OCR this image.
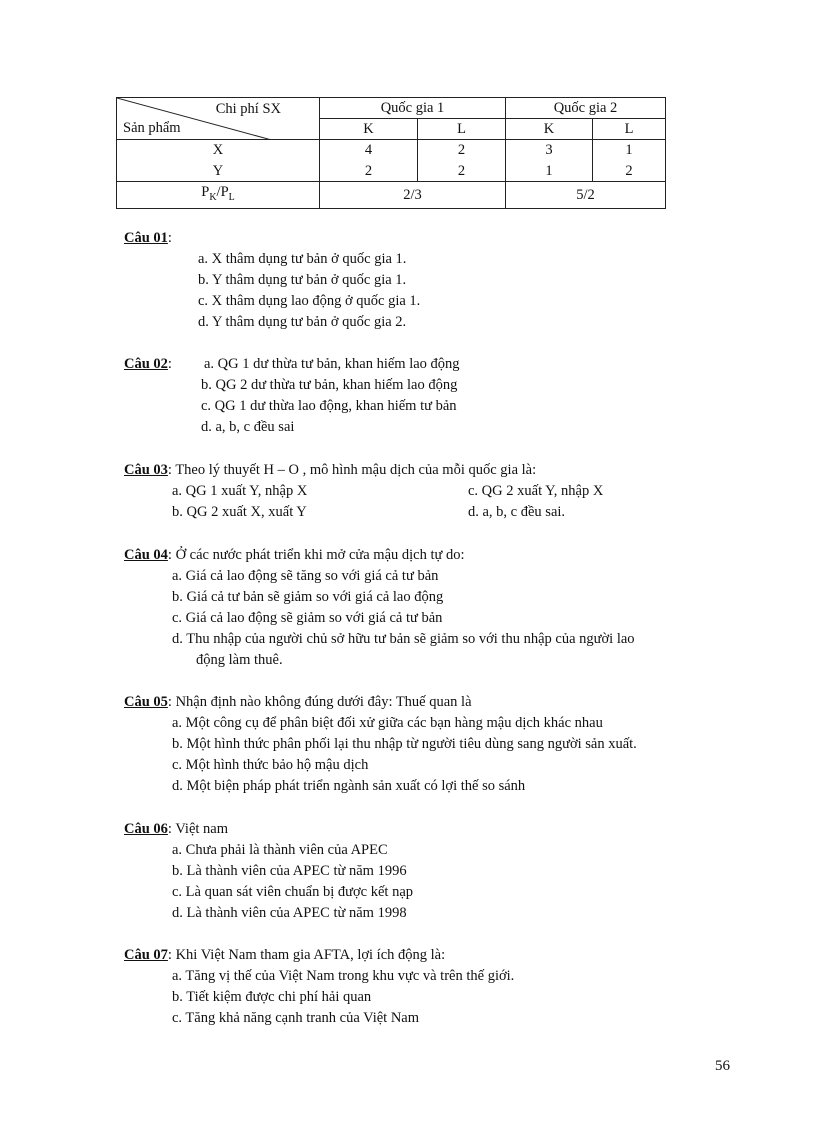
Chi phí SX
Sản phẩm	Quốc gia 1		Quốc gia 2	
	K	L	K	L
X	4	2	3	1
Y	2	2	1	2
$P_K/P_L$	2/3		5/2	
Câu 01:
a. X thâm dụng tư bản ở quốc gia 1.
b. Y thâm dụng tư bản ở quốc gia 1.
c. X thâm dụng lao động ở quốc gia 1.
d. Y thâm dụng tư bản ở quốc gia 2.
Câu 02: a. QG 1 dư thừa tư bản, khan hiếm lao động
b. QG 2 dư thừa tư bản, khan hiếm lao động
c. QG 1 dư thừa lao động, khan hiếm tư bản
d. a, b, c đều sai
Câu 03: Theo lý thuyết H – O , mô hình mậu dịch của mỗi quốc gia là:
a. QG 1 xuất Y, nhập X	c. QG 2 xuất Y, nhập X
b. QG 2 xuất X, xuất Y	d. a, b, c đều sai.
Câu 04: Ở các nước phát triển khi mở cửa mậu dịch tự do:
a. Giá cả lao động sẽ tăng so với giá cả tư bản
b. Giá cả tư bản sẽ giảm so với giá cả lao động
c. Giá cả lao động sẽ giảm so với giá cả tư bản
d. Thu nhập của người chủ sở hữu tư bản sẽ giảm so với thu nhập của người lao
động làm thuê.
Câu 05: Nhận định nào không đúng dưới đây: Thuế quan là
a. Một công cụ để phân biệt đối xử giữa các bạn hàng mậu dịch khác nhau
b. Một hình thức phân phối lại thu nhập từ người tiêu dùng sang người sản xuất.
c. Một hình thức bảo hộ mậu dịch
d. Một biện pháp phát triển ngành sản xuất có lợi thế so sánh
Câu 06: Việt nam
a. Chưa phải là thành viên của APEC
b. Là thành viên của APEC từ năm 1996
c. Là quan sát viên chuẩn bị được kết nạp
d. Là thành viên của APEC từ năm 1998
Câu 07: Khi Việt Nam tham gia AFTA, lợi ích động là:
a. Tăng vị thế của Việt Nam trong khu vực và trên thế giới.
b. Tiết kiệm được chi phí hải quan
c. Tăng khả năng cạnh tranh của Việt Nam
56
